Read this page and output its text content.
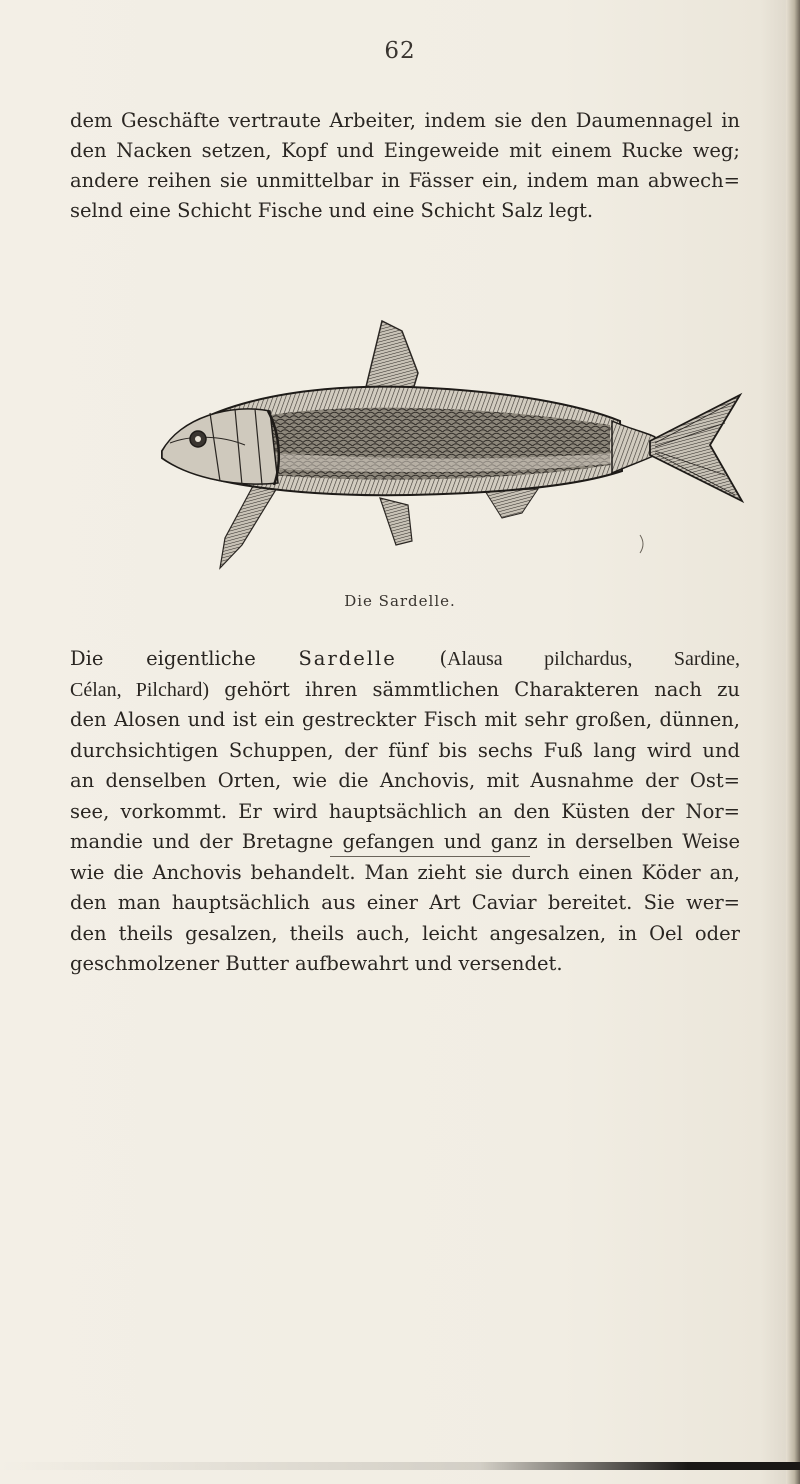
62

dem Geschäfte vertraute Arbeiter, indem sie den Daumennagel in
den Nacken setzen, Kopf und Eingeweide mit einem Rucke weg;
andere reihen sie unmittelbar in Fässer ein, indem man abwech=
selnd eine Schicht Fische und eine Schicht Salz legt.

Die Sardelle.

Die eigentliche Sardelle (Alausa pilchardus, Sardine,
Célan, Pilchard) gehört ihren sämmtlichen Charakteren nach zu
den Alosen und ist ein gestreckter Fisch mit sehr großen, dünnen,
durchsichtigen Schuppen, der fünf bis sechs Fuß lang wird und
an denselben Orten, wie die Anchovis, mit Ausnahme der Ost=
see, vorkommt. Er wird hauptsächlich an den Küsten der Nor=
mandie und der Bretagne gefangen und ganz in derselben Weise
wie die Anchovis behandelt. Man zieht sie durch einen Köder an,
den man hauptsächlich aus einer Art Caviar bereitet. Sie wer=
den theils gesalzen, theils auch, leicht angesalzen, in Oel oder
geschmolzener Butter aufbewahrt und versendet.
